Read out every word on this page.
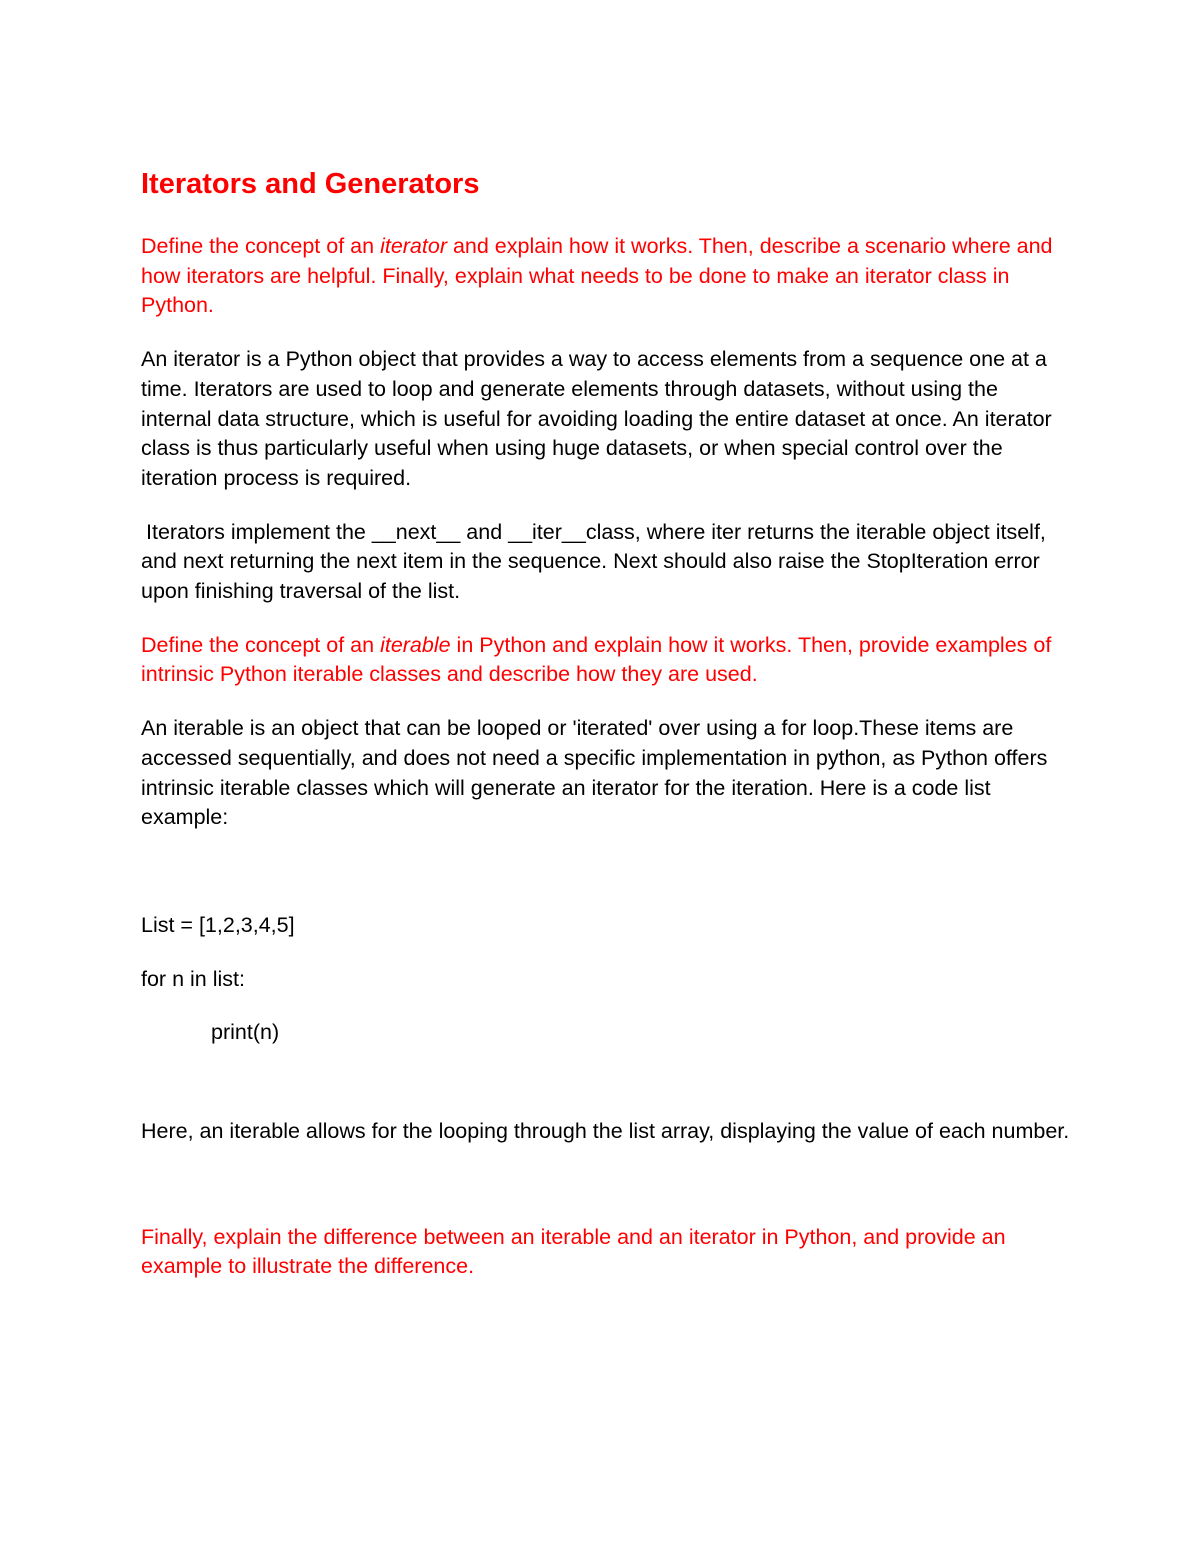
Iterators and Generators

Define the concept of an iterator and explain how it works. Then, describe a scenario where and how iterators are helpful. Finally, explain what needs to be done to make an iterator class in Python.

An iterator is a Python object that provides a way to access elements from a sequence one at a time. Iterators are used to loop and generate elements through datasets, without using the internal data structure, which is useful for avoiding loading the entire dataset at once. An iterator class is thus particularly useful when using huge datasets, or when special control over the iteration process is required.

Iterators implement the __next__ and __iter__class, where iter returns the iterable object itself, and next returning the next item in the sequence. Next should also raise the StopIteration error upon finishing traversal of the list.

Define the concept of an iterable in Python and explain how it works. Then, provide examples of intrinsic Python iterable classes and describe how they are used.

An iterable is an object that can be looped or 'iterated' over using a for loop.These items are accessed sequentially, and does not need a specific implementation in python, as Python offers intrinsic iterable classes which will generate an iterator for the iteration. Here is a code list example:

List = [1,2,3,4,5]

for n in list:

print(n)

Here, an iterable allows for the looping through the list array, displaying the value of each number.

Finally, explain the difference between an iterable and an iterator in Python, and provide an example to illustrate the difference.
